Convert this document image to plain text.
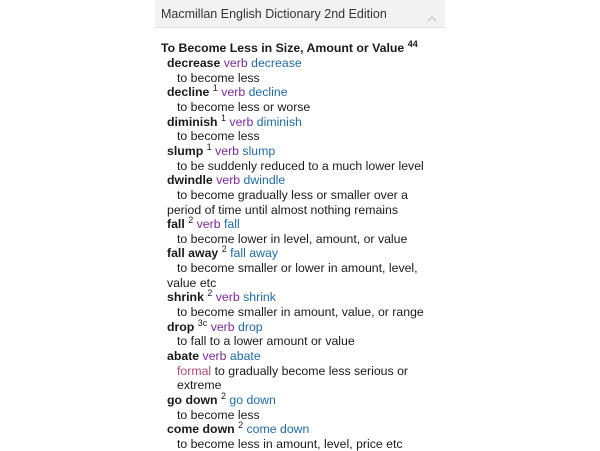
Macmillan English Dictionary 2nd Edition
To Become Less in Size, Amount or Value $^{44}$
decrease verb decrease
to become less
decline $^1$ verb decline
to become less or worse
diminish $^1$ verb diminish
to become less
slump $^1$ verb slump
to be suddenly reduced to a much lower level
dwindle verb dwindle
to become gradually less or smaller over a period of time until almost nothing remains
fall $^2$ verb fall
to become lower in level, amount, or value
fall away $^2$ fall away
to become smaller or lower in amount, level, value etc
shrink $^2$ verb shrink
to become smaller in amount, value, or range
drop $^{3c}$ verb drop
to fall to a lower amount or value
abate verb abate
formal to gradually become less serious or extreme
go down $^2$ go down
to become less
come down $^2$ come down
to become less in amount, level, price etc
